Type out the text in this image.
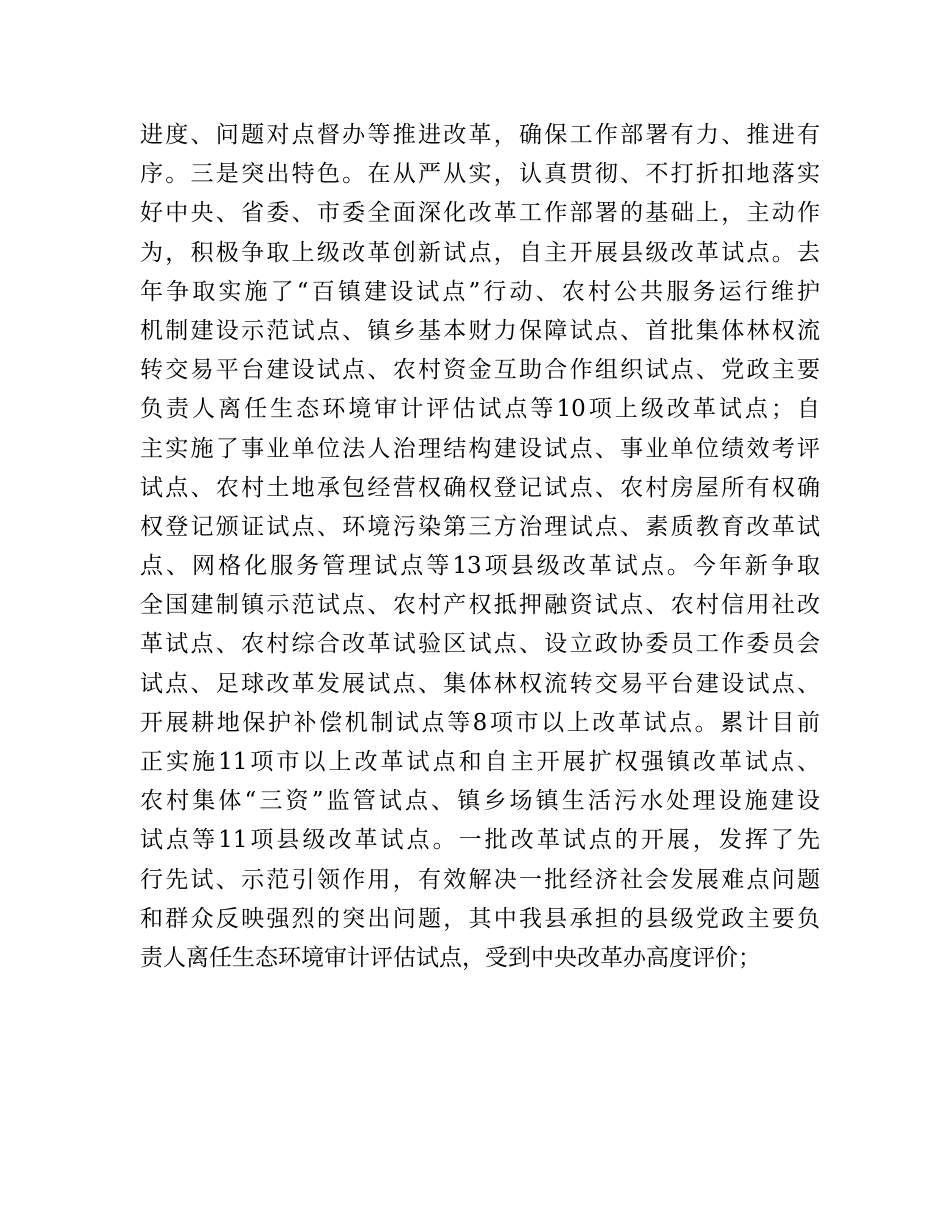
进度、问题对点督办等推进改革，确保工作部署有力、推进有
序。三是突出特色。在从严从实，认真贯彻、不打折扣地落实
好中央、省委、市委全面深化改革工作部署的基础上，主动作
为，积极争取上级改革创新试点，自主开展县级改革试点。去
年争取实施了“百镇建设试点”行动、农村公共服务运行维护
机制建设示范试点、镇乡基本财力保障试点、首批集体林权流
转交易平台建设试点、农村资金互助合作组织试点、党政主要
负责人离任生态环境审计评估试点等10项上级改革试点；自
主实施了事业单位法人治理结构建设试点、事业单位绩效考评
试点、农村土地承包经营权确权登记试点、农村房屋所有权确
权登记颁证试点、环境污染第三方治理试点、素质教育改革试
点、网格化服务管理试点等13项县级改革试点。今年新争取
全国建制镇示范试点、农村产权抵押融资试点、农村信用社改
革试点、农村综合改革试验区试点、设立政协委员工作委员会
试点、足球改革发展试点、集体林权流转交易平台建设试点、
开展耕地保护补偿机制试点等8项市以上改革试点。累计目前
正实施11项市以上改革试点和自主开展扩权强镇改革试点、
农村集体“三资”监管试点、镇乡场镇生活污水处理设施建设
试点等11项县级改革试点。一批改革试点的开展，发挥了先
行先试、示范引领作用，有效解决一批经济社会发展难点问题
和群众反映强烈的突出问题，其中我县承担的县级党政主要负
责人离任生态环境审计评估试点，受到中央改革办高度评价；
